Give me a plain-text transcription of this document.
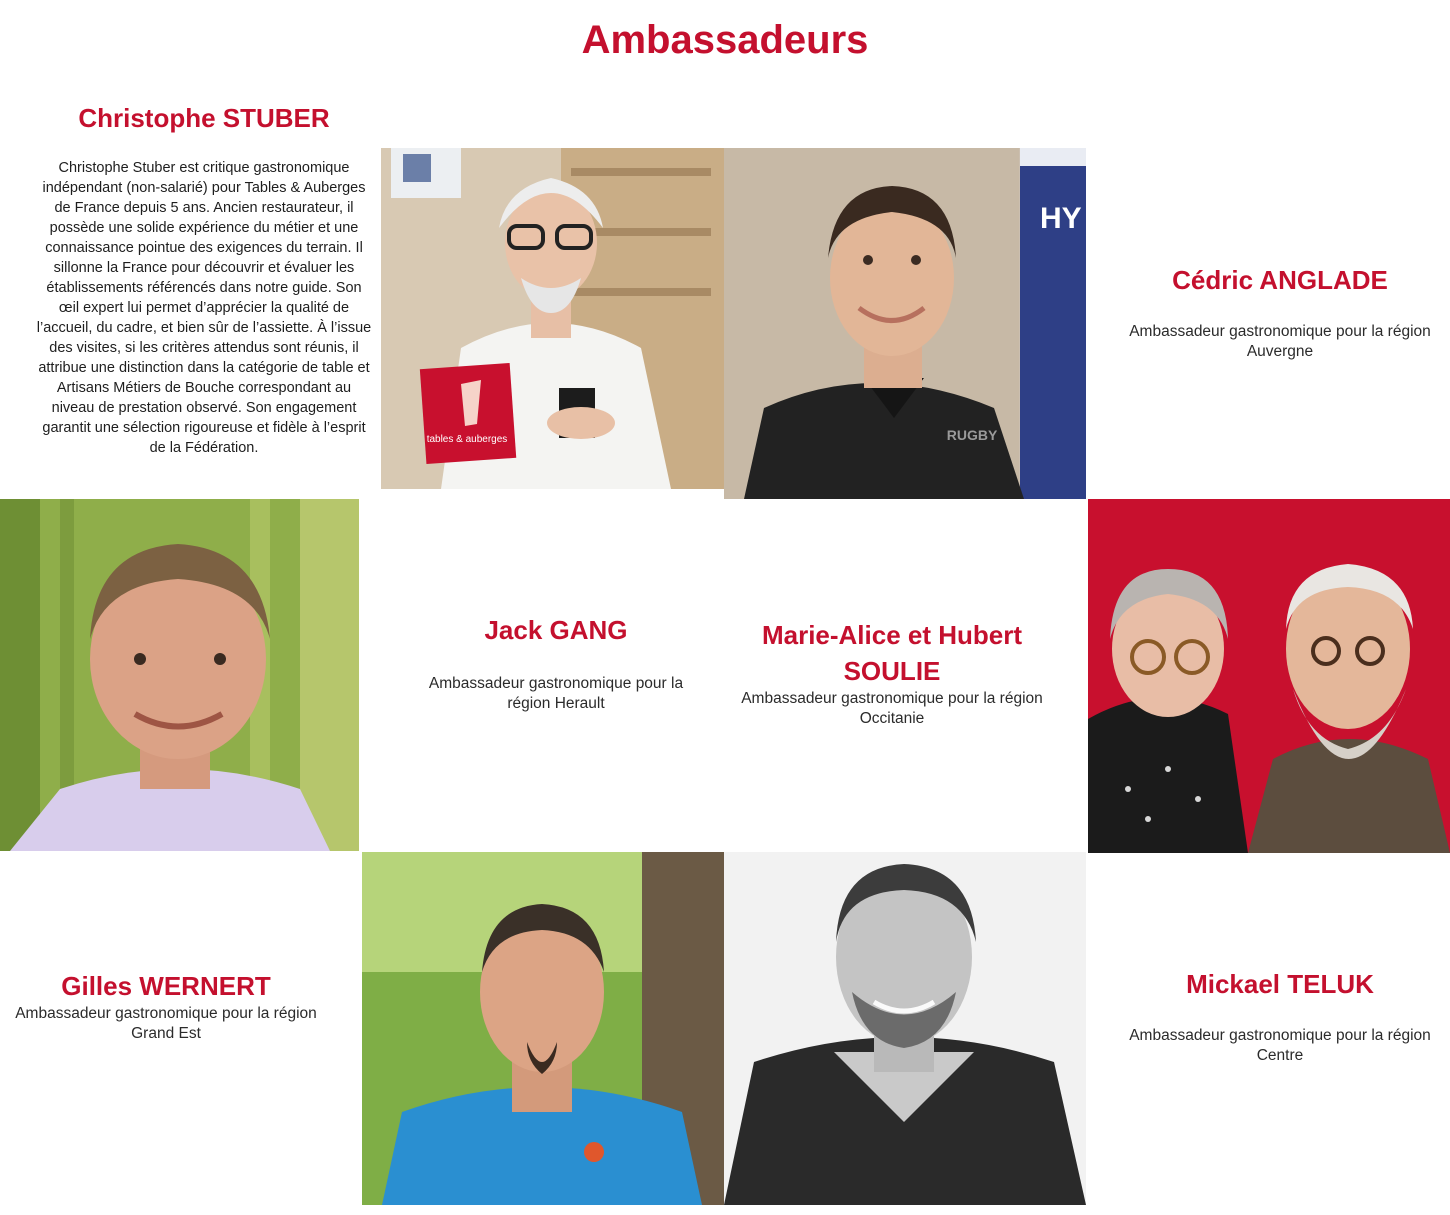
Ambassadeurs
Christophe STUBER

Christophe Stuber est critique gastronomique indépendant (non-salarié) pour Tables & Auberges de France depuis 5 ans. Ancien restaurateur, il possède une solide expérience du métier et une connaissance pointue des exigences du terrain. Il sillonne la France pour découvrir et évaluer les établissements référencés dans notre guide. Son œil expert lui permet d’apprécier la qualité de l’accueil, du cadre, et bien sûr de l’assiette. À l’issue des visites, si les critères attendus sont réunis, il attribue une distinction dans la catégorie de table et Artisans Métiers de Bouche correspondant au niveau de prestation observé. Son engagement garantit une sélection rigoureuse et fidèle à l’esprit de la Fédération.

tables & auberges
HY
RUGBY
Cédric ANGLADE

Ambassadeur gastronomique pour la région Auvergne

Jack GANG

Ambassadeur gastronomique pour la région Herault

Marie-Alice et Hubert SOULIE

Ambassadeur gastronomique pour la région Occitanie

Gilles WERNERT

Ambassadeur gastronomique pour la région Grand Est

Mickael TELUK

Ambassadeur gastronomique pour la région Centre
